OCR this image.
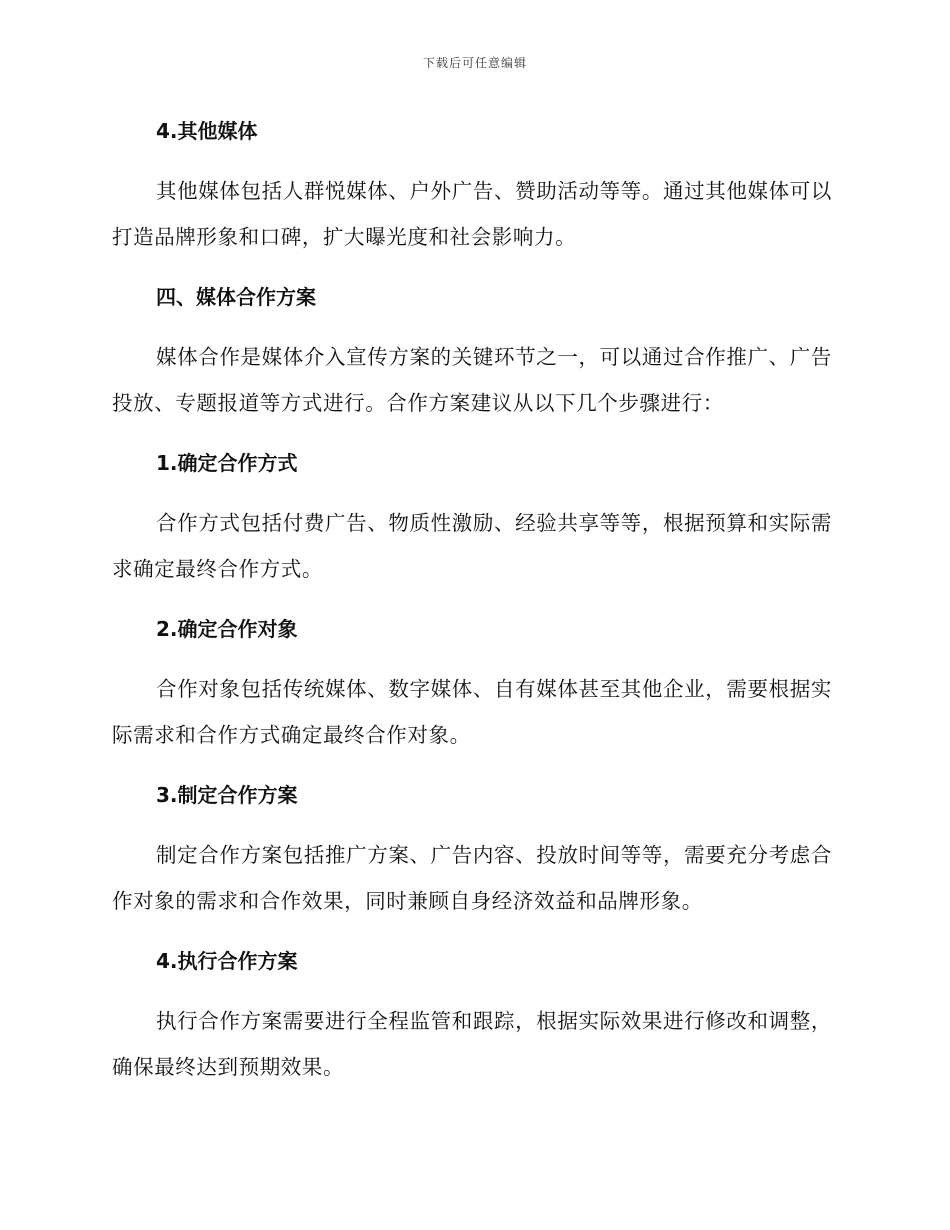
下载后可任意编辑
4.其他媒体

其他媒体包括人群悦媒体、户外广告、赞助活动等等。通过其他媒体可以打造品牌形象和口碑，扩大曝光度和社会影响力。

四、媒体合作方案

媒体合作是媒体介入宣传方案的关键环节之一，可以通过合作推广、广告投放、专题报道等方式进行。合作方案建议从以下几个步骤进行：

1.确定合作方式

合作方式包括付费广告、物质性激励、经验共享等等，根据预算和实际需求确定最终合作方式。

2.确定合作对象

合作对象包括传统媒体、数字媒体、自有媒体甚至其他企业，需要根据实际需求和合作方式确定最终合作对象。

3.制定合作方案

制定合作方案包括推广方案、广告内容、投放时间等等，需要充分考虑合作对象的需求和合作效果，同时兼顾自身经济效益和品牌形象。

4.执行合作方案

执行合作方案需要进行全程监管和跟踪，根据实际效果进行修改和调整，确保最终达到预期效果。
